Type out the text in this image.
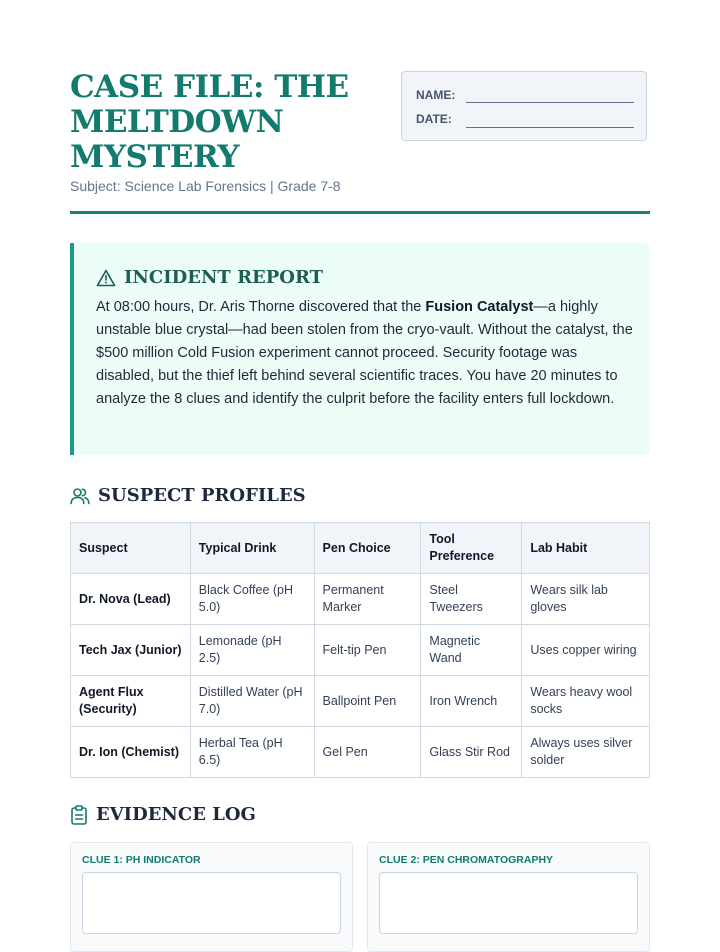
CASE FILE: THE MELTDOWN MYSTERY
Subject: Science Lab Forensics | Grade 7-8
NAME:
DATE:
INCIDENT REPORT

At 08:00 hours, Dr. Aris Thorne discovered that the Fusion Catalyst—a highly unstable blue crystal—had been stolen from the cryo-vault. Without the catalyst, the $500 million Cold Fusion experiment cannot proceed. Security footage was disabled, but the thief left behind several scientific traces. You have 20 minutes to analyze the 8 clues and identify the culprit before the facility enters full lockdown.

SUSPECT PROFILES
Suspect	Typical Drink	Pen Choice	Tool Preference	Lab Habit
Dr. Nova (Lead)	Black Coffee (pH 5.0)	Permanent Marker	Steel Tweezers	Wears silk lab gloves
Tech Jax (Junior)	Lemonade (pH 2.5)	Felt-tip Pen	Magnetic Wand	Uses copper wiring
Agent Flux (Security)	Distilled Water (pH 7.0)	Ballpoint Pen	Iron Wrench	Wears heavy wool socks
Dr. Ion (Chemist)	Herbal Tea (pH 6.5)	Gel Pen	Glass Stir Rod	Always uses silver solder
EVIDENCE LOG
CLUE 1: PH INDICATOR	CLUE 2: PEN CHROMATOGRAPHY
